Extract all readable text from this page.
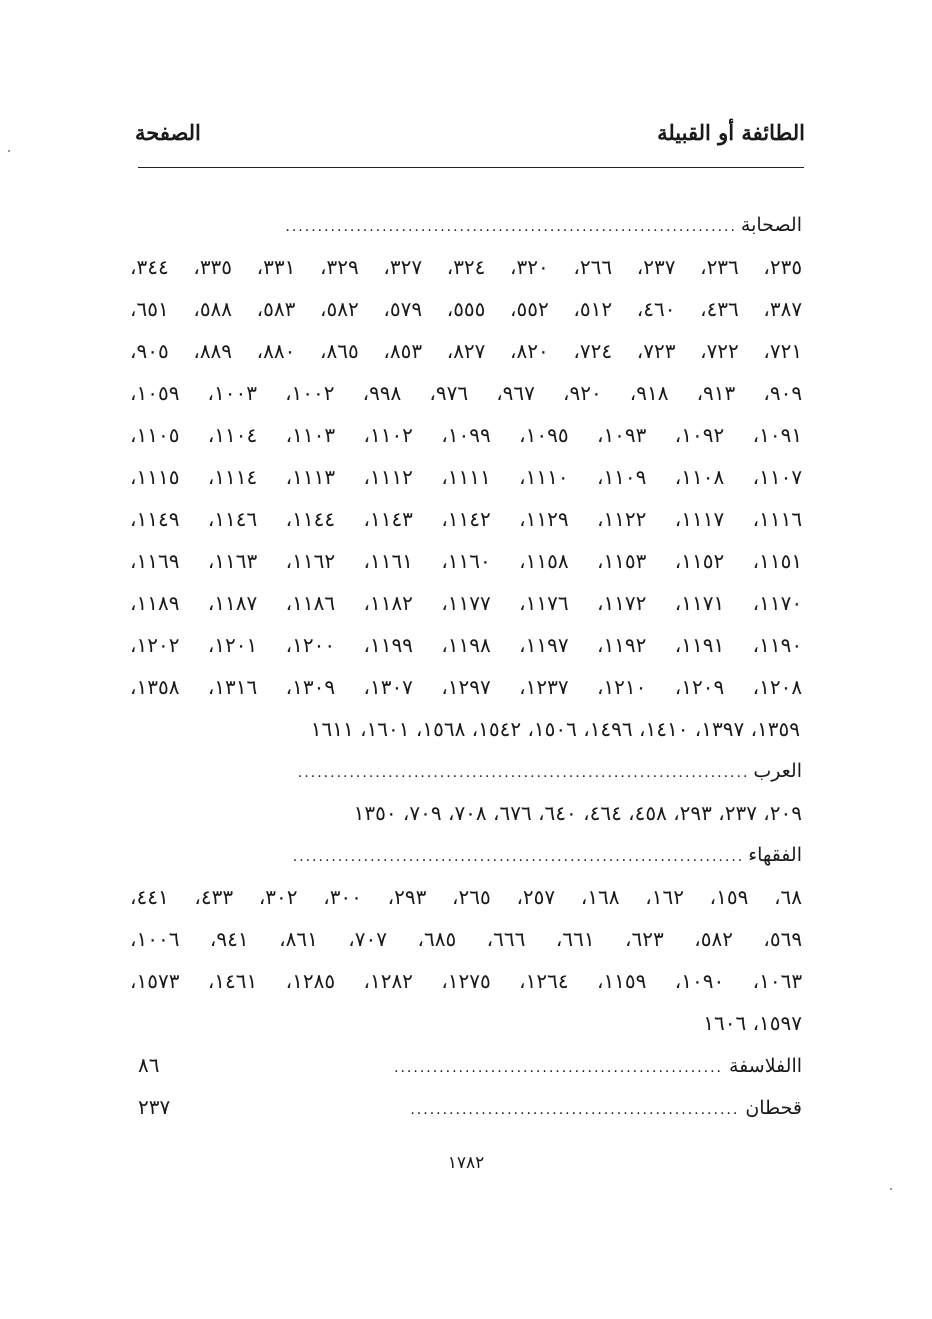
الطائفة أو القبيلة
الصفحة
الصحابة
......................................................................
٢٣٥، ٢٣٦، ٢٣٧، ٢٦٦، ٣٢٠، ٣٢٤، ٣٢٧، ٣٢٩، ٣٣١، ٣٣٥، ٣٤٤،
٣٨٧، ٤٣٦، ٤٦٠، ٥١٢، ٥٥٢، ٥٥٥، ٥٧٩، ٥٨٢، ٥٨٣، ٥٨٨، ٦٥١،
٧٢١، ٧٢٢، ٧٢٣، ٧٢٤، ٨٢٠، ٨٢٧، ٨٥٣، ٨٦٥، ٨٨٠، ٨٨٩، ٩٠٥،
٩٠٩، ٩١٣، ٩١٨، ٩٢٠، ٩٦٧، ٩٧٦، ٩٩٨، ١٠٠٢، ١٠٠٣، ١٠٥٩،
١٠٩١، ١٠٩٢، ١٠٩٣، ١٠٩٥، ١٠٩٩، ١١٠٢، ١١٠٣، ١١٠٤، ١١٠٥،
١١٠٧، ١١٠٨، ١١٠٩، ١١١٠، ١١١١، ١١١٢، ١١١٣، ١١١٤، ١١١٥،
١١١٦، ١١١٧، ١١٢٢، ١١٢٩، ١١٤٢، ١١٤٣، ١١٤٤، ١١٤٦، ١١٤٩،
١١٥١، ١١٥٢، ١١٥٣، ١١٥٨، ١١٦٠، ١١٦١، ١١٦٢، ١١٦٣، ١١٦٩،
١١٧٠، ١١٧١، ١١٧٢، ١١٧٦، ١١٧٧، ١١٨٢، ١١٨٦، ١١٨٧، ١١٨٩،
١١٩٠، ١١٩١، ١١٩٢، ١١٩٧، ١١٩٨، ١١٩٩، ١٢٠٠، ١٢٠١، ١٢٠٢،
١٢٠٨، ١٢٠٩، ١٢١٠، ١٢٣٧، ١٢٩٧، ١٣٠٧، ١٣٠٩، ١٣١٦، ١٣٥٨،
١٣٥٩، ١٣٩٧، ١٤١٠، ١٤٩٦، ١٥٠٦، ١٥٤٢، ١٥٦٨، ١٦٠١، ١٦١١
العرب
......................................................................
٢٠٩، ٢٣٧، ٢٩٣، ٤٥٨، ٤٦٤، ٦٤٠، ٦٧٦، ٧٠٨، ٧٠٩، ١٣٥٠
الفقهاء
......................................................................
٦٨، ١٥٩، ١٦٢، ١٦٨، ٢٥٧، ٢٦٥، ٢٩٣، ٣٠٠، ٣٠٢، ٤٣٣، ٤٤١،
٥٦٩، ٥٨٢، ٦٢٣، ٦٦١، ٦٦٦، ٦٨٥، ٧٠٧، ٨٦١، ٩٤١، ١٠٠٦،
١٠٦٣، ١٠٩٠، ١١٥٩، ١٢٦٤، ١٢٧٥، ١٢٨٢، ١٢٨٥، ١٤٦١، ١٥٧٣،
١٥٩٧، ١٦٠٦
االفلاسفة
...................................................
٨٦
قحطان
...................................................
٢٣٧
١٧٨٢
